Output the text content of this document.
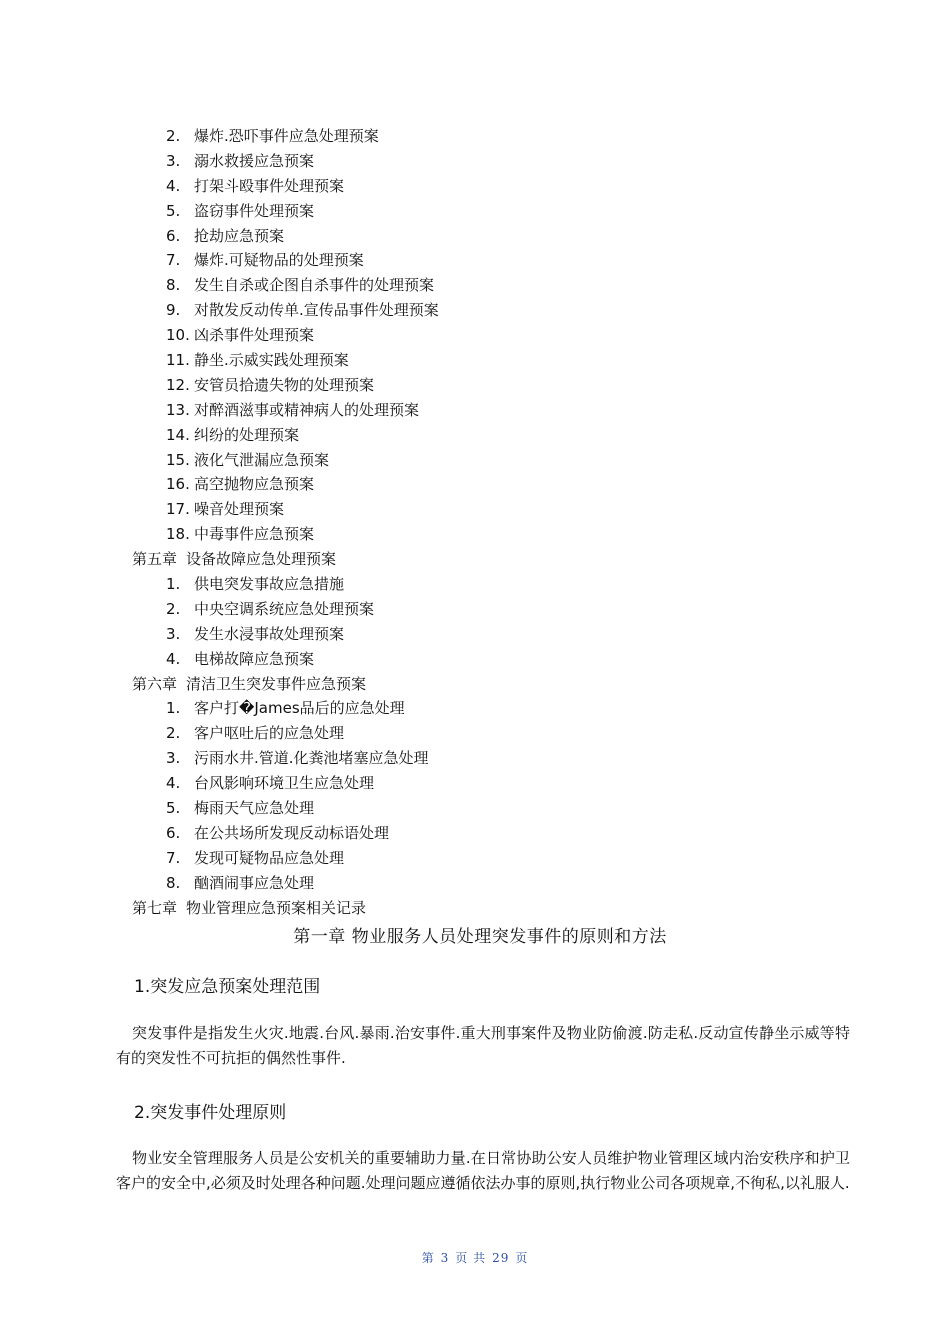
2. 爆炸.恐吓事件应急处理预案
3. 溺水救援应急预案
4. 打架斗殴事件处理预案
5. 盗窃事件处理预案
6. 抢劫应急预案
7. 爆炸.可疑物品的处理预案
8. 发生自杀或企图自杀事件的处理预案
9. 对散发反动传单.宣传品事件处理预案
10. 凶杀事件处理预案
11. 静坐.示威实践处理预案
12. 安管员拾遗失物的处理预案
13. 对醉酒滋事或精神病人的处理预案
14. 纠纷的处理预案
15. 液化气泄漏应急预案
16. 高空抛物应急预案
17. 噪音处理预案
18. 中毒事件应急预案
第五章 设备故障应急处理预案
1. 供电突发事故应急措施
2. 中央空调系统应急处理预案
3. 发生水浸事故处理预案
4. 电梯故障应急预案
第六章 清洁卫生突发事件应急预案
1. 客户打�James品后的应急处理
2. 客户呕吐后的应急处理
3. 污雨水井.管道.化粪池堵塞应急处理
4. 台风影响环境卫生应急处理
5. 梅雨天气应急处理
6. 在公共场所发现反动标语处理
7. 发现可疑物品应急处理
8. 酗酒闹事应急处理
第七章 物业管理应急预案相关记录
第一章 物业服务人员处理突发事件的原则和方法
1.突发应急预案处理范围
突发事件是指发生火灾.地震.台风.暴雨.治安事件.重大刑事案件及物业防偷渡.防走私.反动宣传静坐示威等特有的突发性不可抗拒的偶然性事件.
2.突发事件处理原则
物业安全管理服务人员是公安机关的重要辅助力量.在日常协助公安人员维护物业管理区域内治安秩序和护卫客户的安全中,必须及时处理各种问题.处理问题应遵循依法办事的原则,执行物业公司各项规章,不徇私,以礼服人.
第 3 页 共 29 页
